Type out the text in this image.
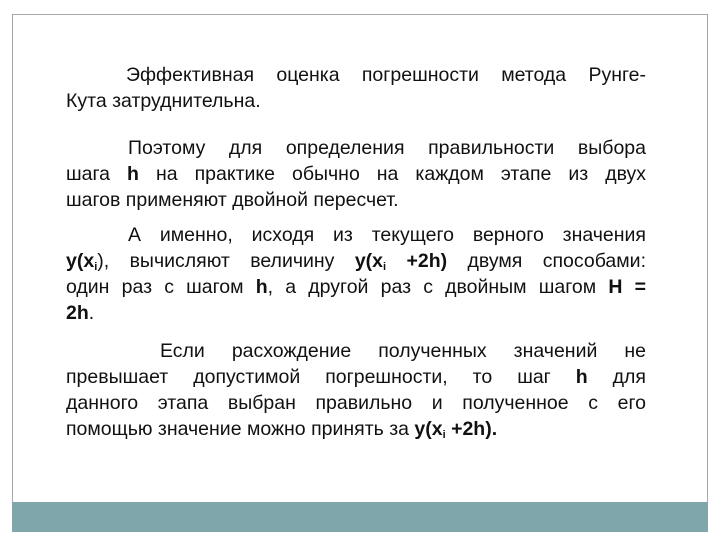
Эффективная оценка погрешности метода Рунге-
Кута затруднительна.
Поэтому для определения правильности выбора
шага h на практике обычно на каждом этапе из двух
шагов применяют двойной пересчет.
А именно, исходя из текущего верного значения
$y(x_i)$, вычисляют величину $y(x_i +2h)$ двумя способами:
один раз с шагом h, а другой раз с двойным шагом H =
2h.
Если расхождение полученных значений не
превышает допустимой погрешности, то шаг h для
данного этапа выбран правильно и полученное с его
помощью значение можно принять за $y(x_i +2h)$.
